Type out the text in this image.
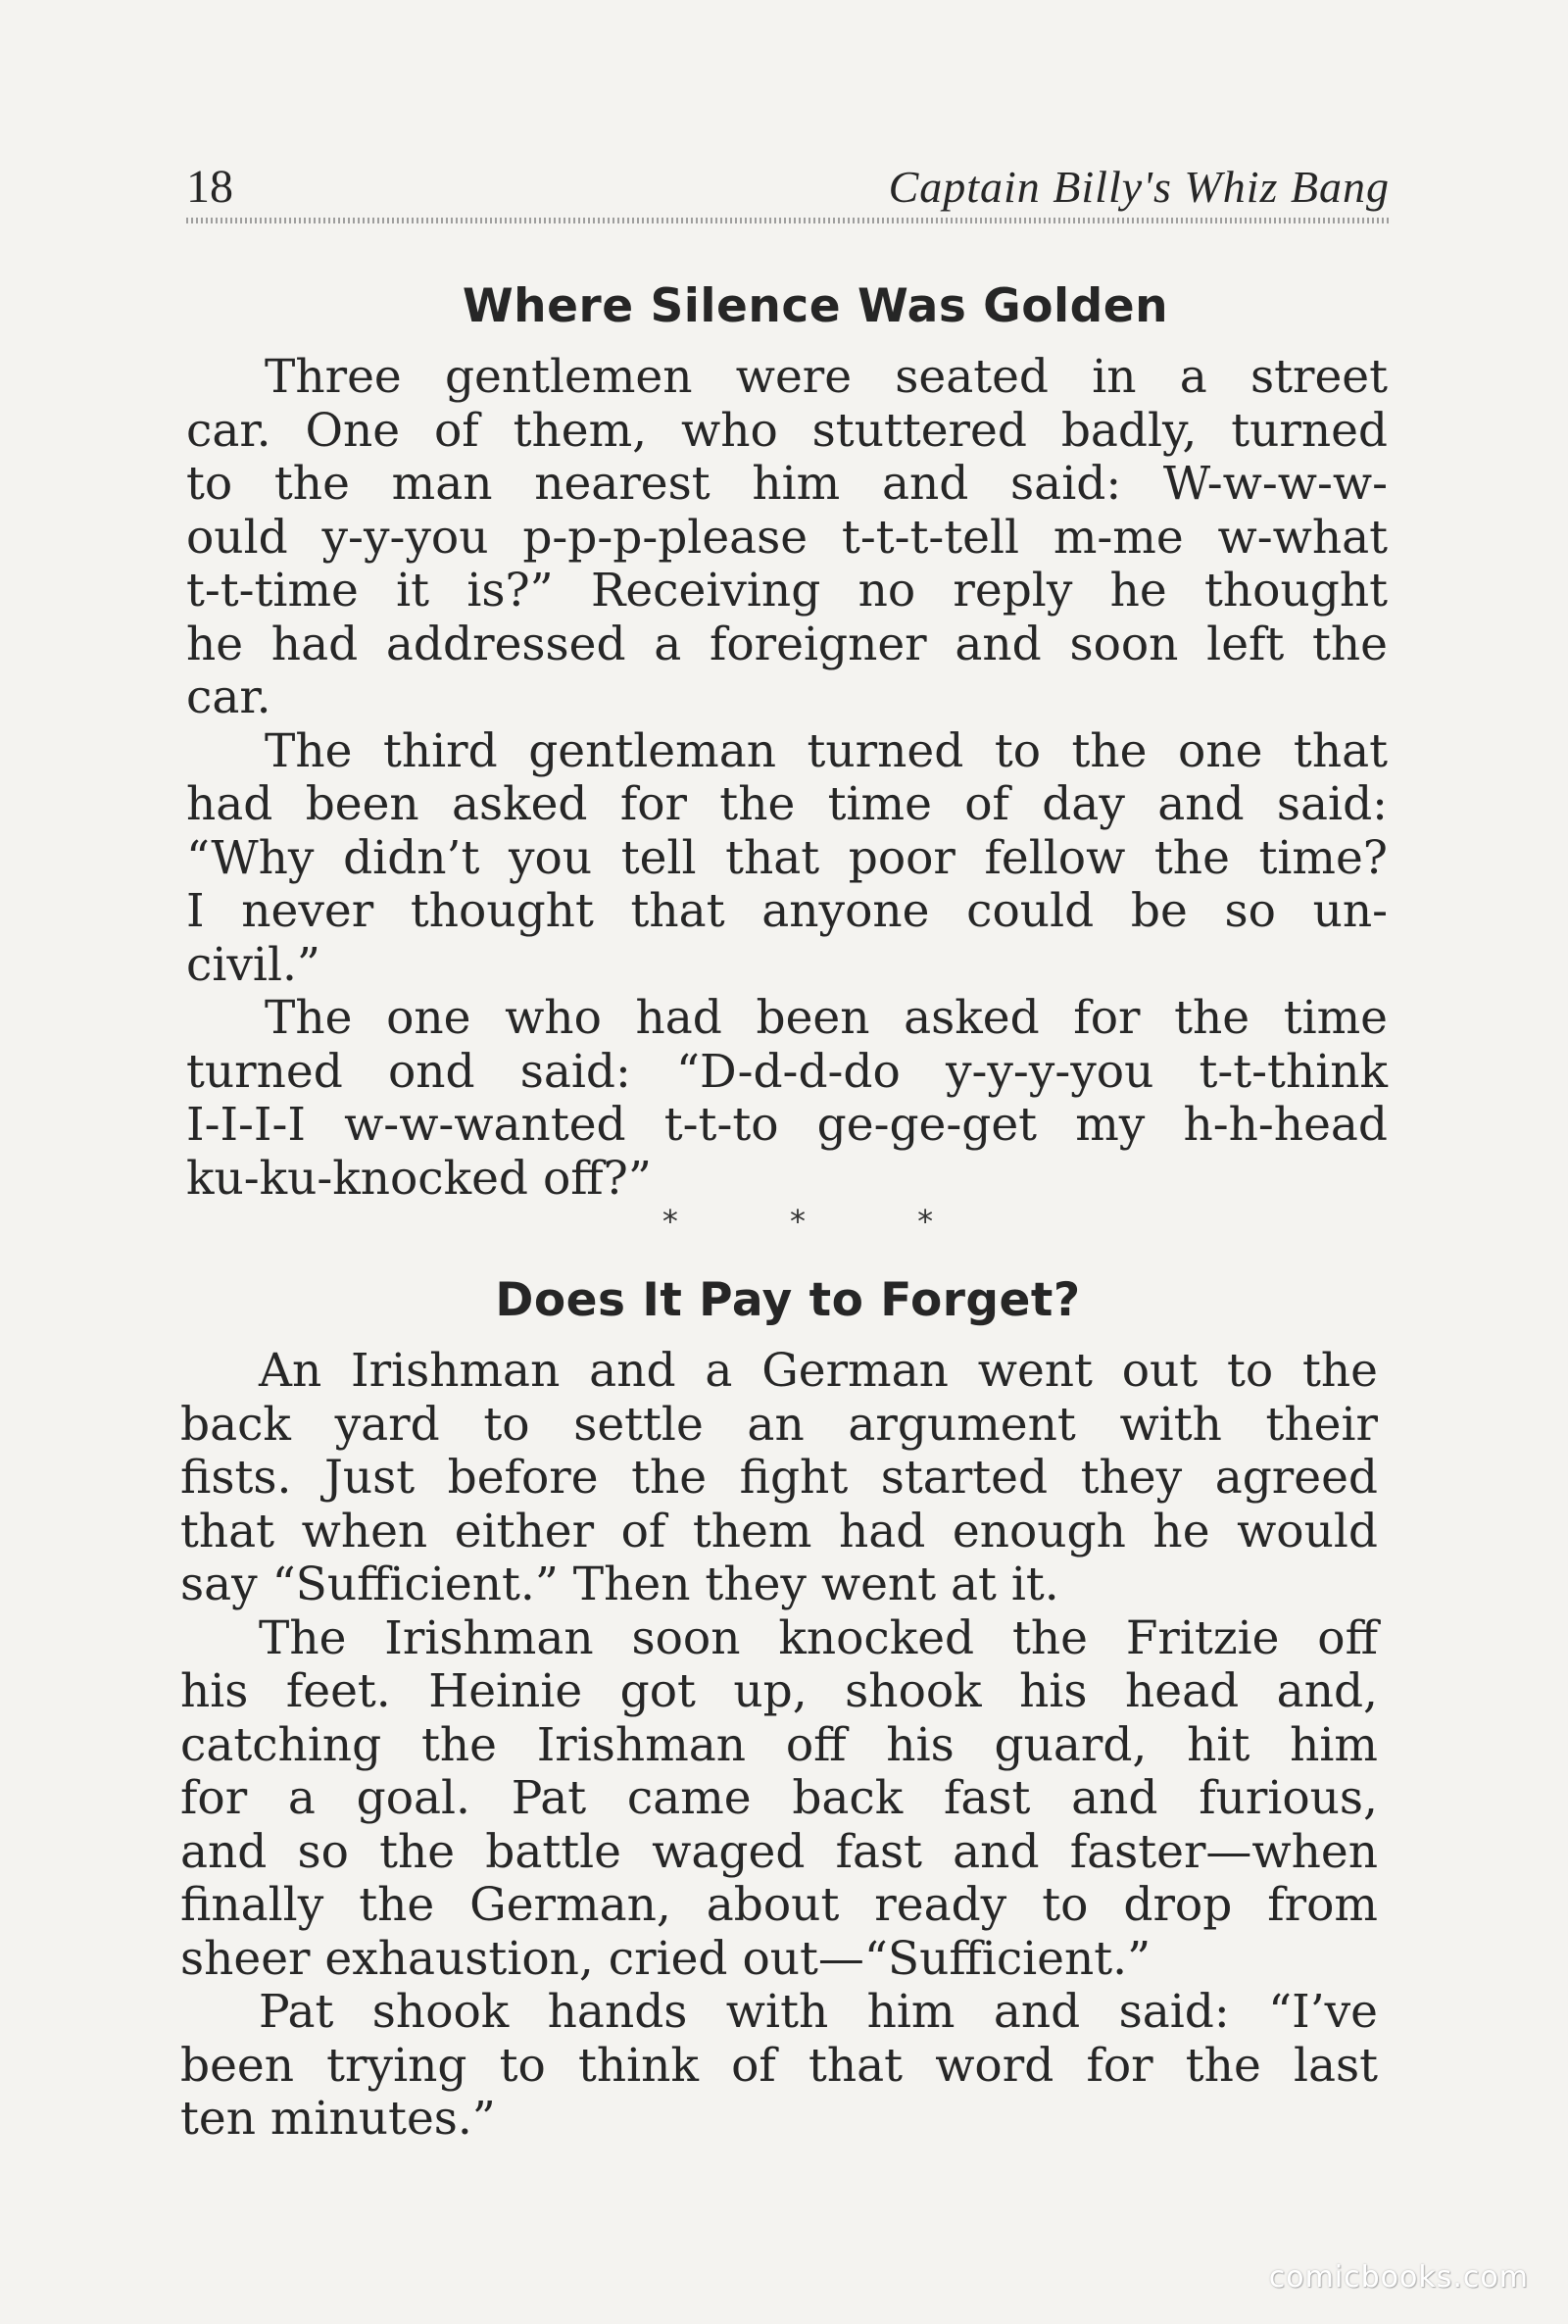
18	Captain Billy's Whiz Bang
Where Silence Was Golden

Three gentlemen were seated in a street
car. One of them, who stuttered badly, turned
to the man nearest him and said: W-w-w-w-
ould y-y-you p-p-p-please t-t-t-tell m-me w-what
t-t-time it is?” Receiving no reply he thought
he had addressed a foreigner and soon left the
car.

The third gentleman turned to the one that
had been asked for the time of day and said:
“Why didn’t you tell that poor fellow the time?
I never thought that anyone could be so un-
civil.”

The one who had been asked for the time
turned ond said: “D-d-d-do y-y-y-you t-t-think
I-I-I-I w-w-wanted t-t-to ge-ge-get my h-h-head
ku-ku-knocked off?”

* * *
Does It Pay to Forget?

An Irishman and a German went out to the
back yard to settle an argument with their
fists. Just before the fight started they agreed
that when either of them had enough he would
say “Sufficient.” Then they went at it.

The Irishman soon knocked the Fritzie off
his feet. Heinie got up, shook his head and,
catching the Irishman off his guard, hit him
for a goal. Pat came back fast and furious,
and so the battle waged fast and faster—when
finally the German, about ready to drop from
sheer exhaustion, cried out—“Sufficient.”

Pat shook hands with him and said: “I’ve
been trying to think of that word for the last
ten minutes.”

comicbooks.com
